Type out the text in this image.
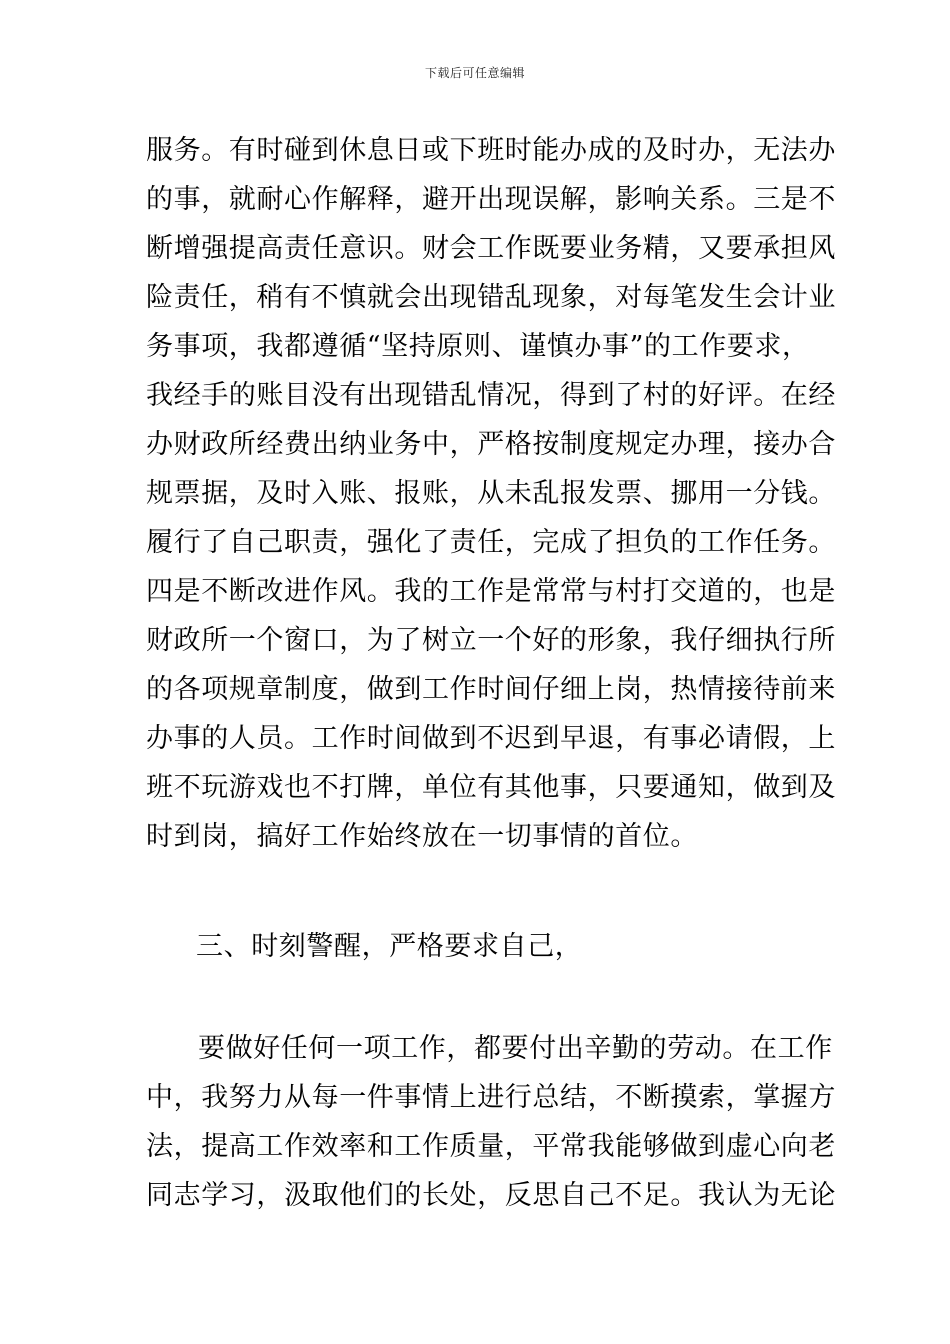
下载后可任意编辑
服务。有时碰到休息日或下班时能办成的及时办，无法办
的事，就耐心作解释，避开出现误解，影响关系。三是不
断增强提高责任意识。财会工作既要业务精，又要承担风
险责任，稍有不慎就会出现错乱现象，对每笔发生会计业
务事项，我都遵循“坚持原则、谨慎办事”的工作要求，
我经手的账目没有出现错乱情况，得到了村的好评。在经
办财政所经费出纳业务中，严格按制度规定办理，接办合
规票据，及时入账、报账，从未乱报发票、挪用一分钱。
履行了自己职责，强化了责任，完成了担负的工作任务。
四是不断改进作风。我的工作是常常与村打交道的，也是
财政所一个窗口，为了树立一个好的形象，我仔细执行所
的各项规章制度，做到工作时间仔细上岗，热情接待前来
办事的人员。工作时间做到不迟到早退，有事必请假，上
班不玩游戏也不打牌，单位有其他事，只要通知，做到及
时到岗，搞好工作始终放在一切事情的首位。
三、时刻警醒，严格要求自己，
要做好任何一项工作，都要付出辛勤的劳动。在工作
中，我努力从每一件事情上进行总结，不断摸索，掌握方
法，提高工作效率和工作质量，平常我能够做到虚心向老
同志学习，汲取他们的长处，反思自己不足。我认为无论
